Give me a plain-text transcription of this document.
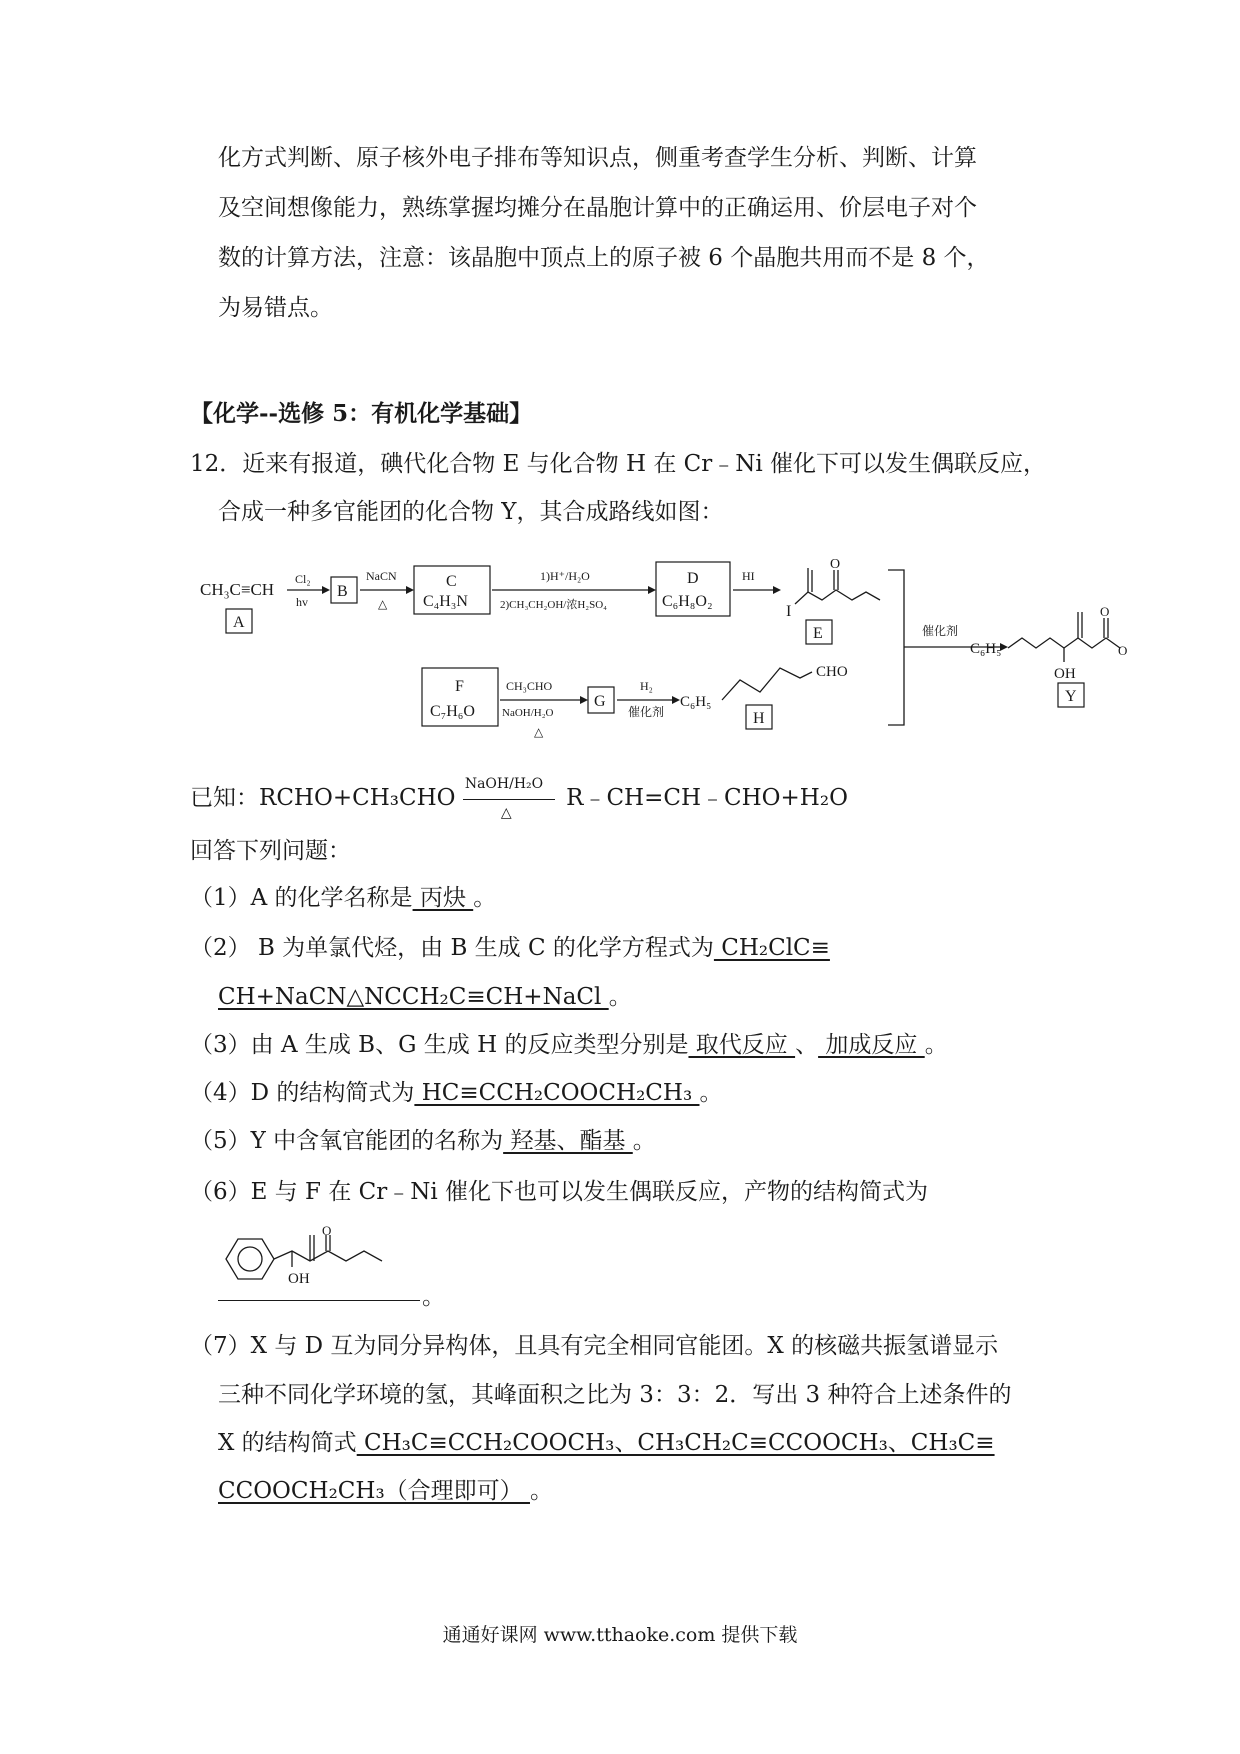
化方式判断、原子核外电子排布等知识点，侧重考查学生分析、判断、计算
及空间想像能力，熟练掌握均摊分在晶胞计算中的正确运用、价层电子对个
数的计算方法，注意：该晶胞中顶点上的原子被 6 个晶胞共用而不是 8 个，
为易错点。
【化学--选修 5：有机化学基础】
12．近来有报道，碘代化合物 E 与化合物 H 在 Cr﹣Ni 催化下可以发生偶联反应，
合成一种多官能团的化合物 Y，其合成路线如图：
CH₃C≡CH
A
Cl₂
hv
B
NaCN
△
C
C₄H₃N
1)H⁺/H₂O
2)CH₃CH₂OH/浓H₂SO₄
D
C₆H₈O₂
HI
I
O
E	催化剂
C₆H₅
OH
O
O
Y
F
C₇H₆O
CH₃CHO
NaOH/H₂O
△
G
H₂
催化剂
C₆H₅
CHO
H
已知：RCHO+CH₃CHO
NaOH/H₂O
△
R﹣CH=CH﹣CHO+H₂O
回答下列问题：
（1）A 的化学名称是 丙炔 。
（2） B 为单氯代烃，由 B 生成 C 的化学方程式为 CH₂ClC≡
CH+NaCN△NCCH₂C≡CH+NaCl 。
（3）由 A 生成 B、G 生成 H 的反应类型分别是 取代反应 、 加成反应 。
（4）D 的结构简式为 HC≡CCH₂COOCH₂CH₃ 。
（5）Y 中含氧官能团的名称为 羟基、酯基 。
（6）E 与 F 在 Cr﹣Ni 催化下也可以发生偶联反应，产物的结构简式为
OH
O
。
（7）X 与 D 互为同分异构体，且具有完全相同官能团。X 的核磁共振氢谱显示
三种不同化学环境的氢，其峰面积之比为 3：3：2．写出 3 种符合上述条件的
X 的结构简式 CH₃C≡CCH₂COOCH₃、CH₃CH₂C≡CCOOCH₃、CH₃C≡
CCOOCH₂CH₃（合理即可） 。
通通好课网 www.tthaoke.com 提供下载
